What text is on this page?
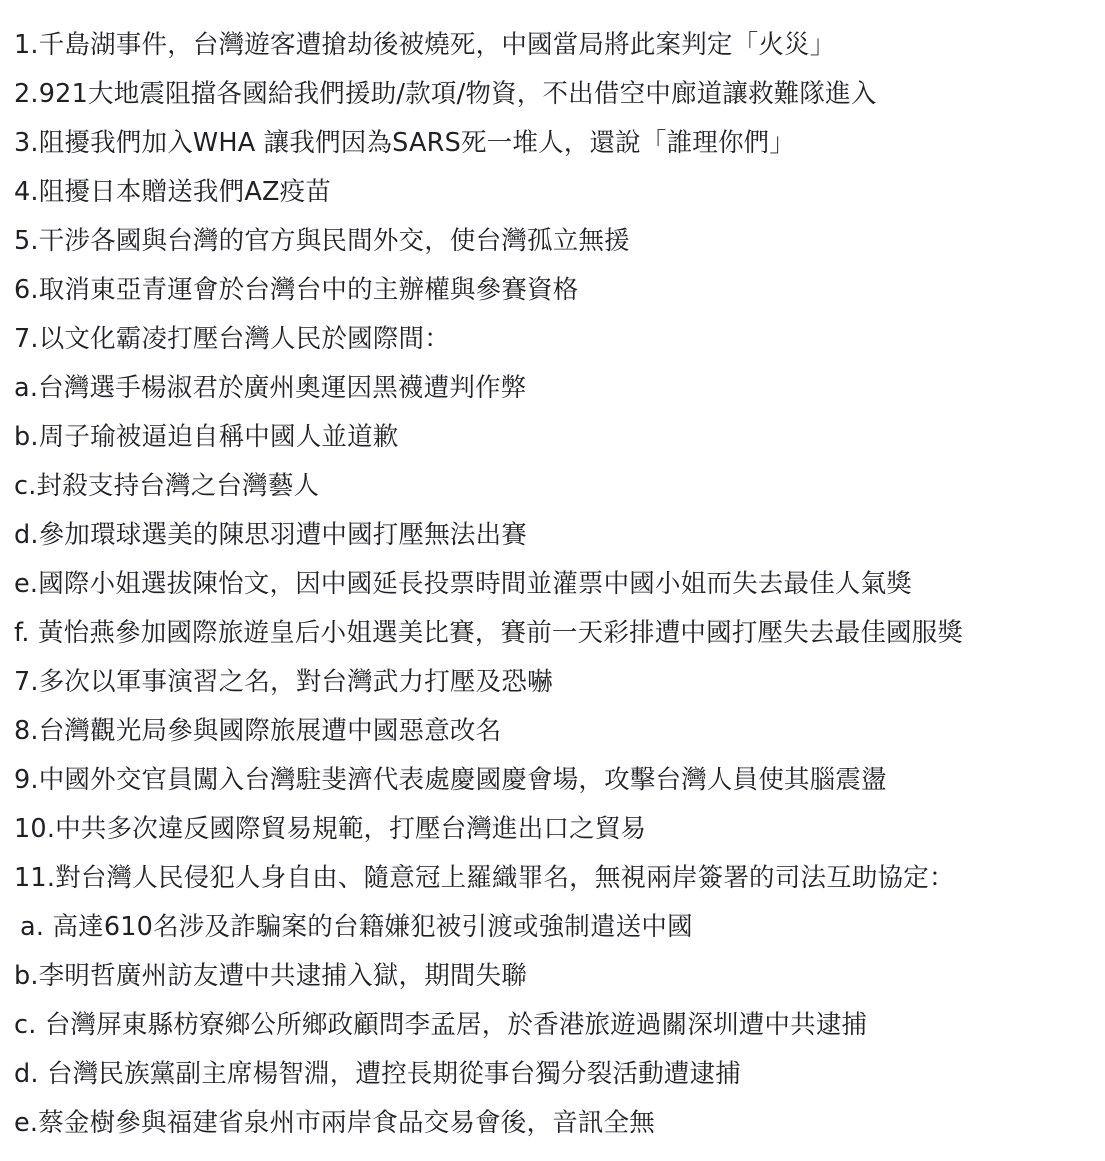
1.千島湖事件，台灣遊客遭搶劫後被燒死，中國當局將此案判定「火災」
2.921大地震阻擋各國給我們援助/款項/物資，不出借空中廊道讓救難隊進入
3.阻擾我們加入WHA 讓我們因為SARS死一堆人，還說「誰理你們」
4.阻擾日本贈送我們AZ疫苗
5.干涉各國與台灣的官方與民間外交，使台灣孤立無援
6.取消東亞青運會於台灣台中的主辦權與參賽資格
7.以文化霸凌打壓台灣人民於國際間：
a.台灣選手楊淑君於廣州奧運因黑襪遭判作弊
b.周子瑜被逼迫自稱中國人並道歉
c.封殺支持台灣之台灣藝人
d.參加環球選美的陳思羽遭中國打壓無法出賽
e.國際小姐選拔陳怡文，因中國延長投票時間並灌票中國小姐而失去最佳人氣獎
f. 黃怡燕參加國際旅遊皇后小姐選美比賽，賽前一天彩排遭中國打壓失去最佳國服獎
7.多次以軍事演習之名，對台灣武力打壓及恐嚇
8.台灣觀光局參與國際旅展遭中國惡意改名
9.中國外交官員闖入台灣駐斐濟代表處慶國慶會場，攻擊台灣人員使其腦震盪
10.中共多次違反國際貿易規範，打壓台灣進出口之貿易
11.對台灣人民侵犯人身自由、隨意冠上羅織罪名，無視兩岸簽署的司法互助協定：
a. 高達610名涉及詐騙案的台籍嫌犯被引渡或強制遣送中國
b.李明哲廣州訪友遭中共逮捕入獄，期間失聯
c. 台灣屏東縣枋寮鄉公所鄉政顧問李孟居，於香港旅遊過關深圳遭中共逮捕
d. 台灣民族黨副主席楊智淵，遭控長期從事台獨分裂活動遭逮捕
e.蔡金樹參與福建省泉州市兩岸食品交易會後，音訊全無
